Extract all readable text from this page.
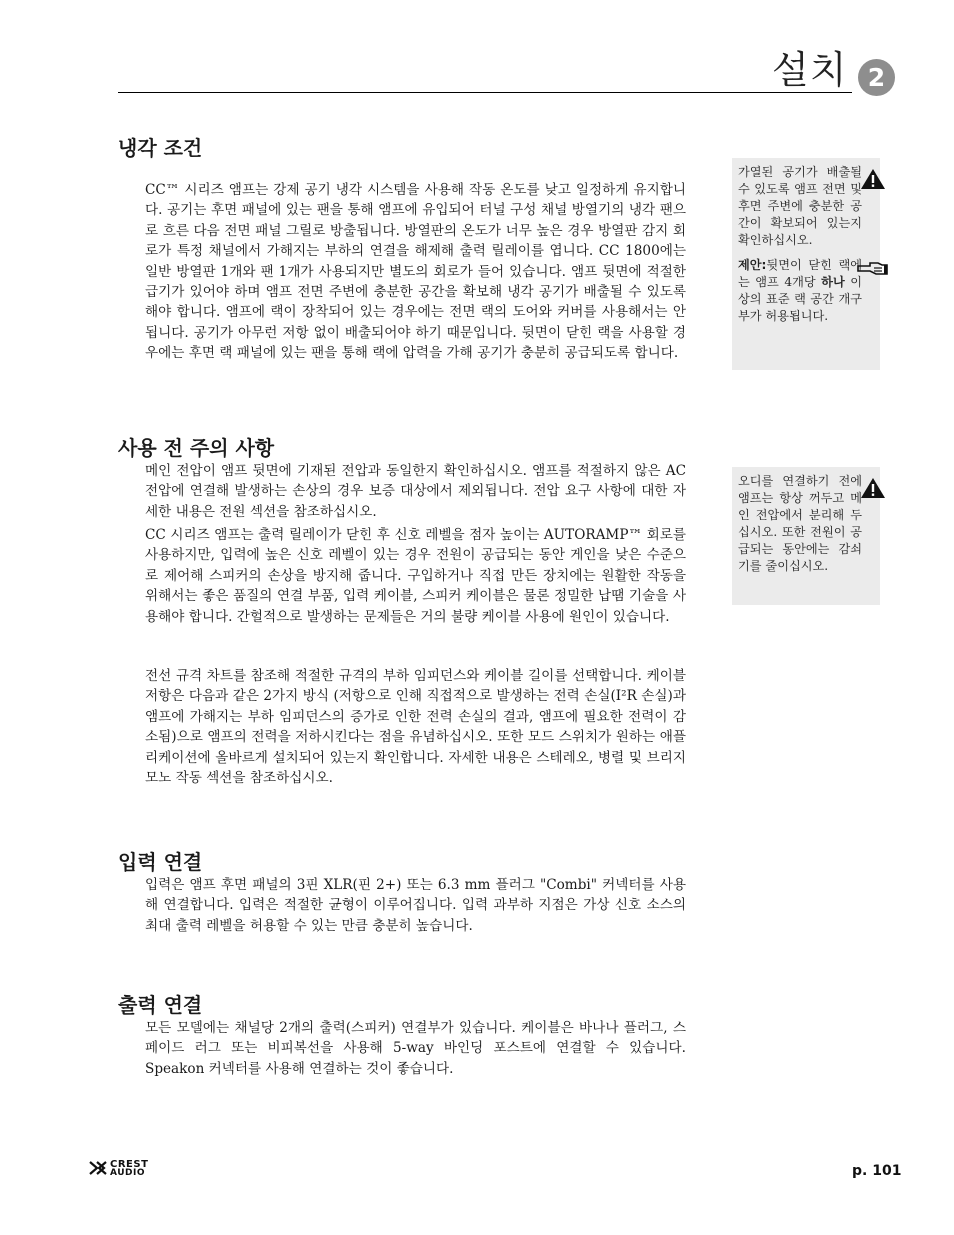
설치 2
냉각 조건

CC™ 시리즈 앰프는 강제 공기 냉각 시스템을 사용해 작동 온도를 낮고 일정하게 유지합니다. 공기는 후면 패널에 있는 팬을 통해 앰프에 유입되어 터널 구성 채널 방열기의 냉각 팬으로 흐른 다음 전면 패널 그릴로 방출됩니다. 방열판의 온도가 너무 높은 경우 방열판 감지 회로가 특정 채널에서 가해지는 부하의 연결을 해제해 출력 릴레이를 엽니다. CC 1800에는 일반 방열판 1개와 팬 1개가 사용되지만 별도의 회로가 들어 있습니다. 앰프 뒷면에 적절한 급기가 있어야 하며 앰프 전면 주변에 충분한 공간을 확보해 냉각 공기가 배출될 수 있도록 해야 합니다. 앰프에 랙이 장착되어 있는 경우에는 전면 랙의 도어와 커버를 사용해서는 안 됩니다. 공기가 아무런 저항 없이 배출되어야 하기 때문입니다. 뒷면이 닫힌 랙을 사용할 경우에는 후면 랙 패널에 있는 팬을 통해 랙에 압력을 가해 공기가 충분히 공급되도록 합니다.

사용 전 주의 사항

메인 전압이 앰프 뒷면에 기재된 전압과 동일한지 확인하십시오. 앰프를 적절하지 않은 AC 전압에 연결해 발생하는 손상의 경우 보증 대상에서 제외됩니다. 전압 요구 사항에 대한 자세한 내용은 전원 섹션을 참조하십시오.

CC 시리즈 앰프는 출력 릴레이가 닫힌 후 신호 레벨을 점자 높이는 AUTORAMP™ 회로를 사용하지만, 입력에 높은 신호 레벨이 있는 경우 전원이 공급되는 동안 게인을 낮은 수준으로 제어해 스피커의 손상을 방지해 줍니다. 구입하거나 직접 만든 장치에는 원활한 작동을 위해서는 좋은 품질의 연결 부품, 입력 케이블, 스피커 케이블은 물론 정밀한 납땜 기술을 사용해야 합니다. 간헐적으로 발생하는 문제들은 거의 불량 케이블 사용에 원인이 있습니다.

전선 규격 차트를 참조해 적절한 규격의 부하 임피던스와 케이블 길이를 선택합니다. 케이블 저항은 다음과 같은 2가지 방식 (저항으로 인해 직접적으로 발생하는 전력 손실(I²R 손실)과 앰프에 가해지는 부하 임피던스의 증가로 인한 전력 손실의 결과, 앰프에 필요한 전력이 감소됨)으로 앰프의 전력을 저하시킨다는 점을 유념하십시오. 또한 모드 스위치가 원하는 애플리케이션에 올바르게 설치되어 있는지 확인합니다. 자세한 내용은 스테레오, 병렬 및 브리지 모노 작동 섹션을 참조하십시오.

입력 연결

입력은 앰프 후면 패널의 3핀 XLR(핀 2+) 또는 6.3 mm 플러그 "Combi" 커넥터를 사용해 연결합니다. 입력은 적절한 균형이 이루어집니다. 입력 과부하 지점은 가상 신호 소스의 최대 출력 레벨을 허용할 수 있는 만큼 충분히 높습니다.

출력 연결

모든 모델에는 채널당 2개의 출력(스피커) 연결부가 있습니다. 케이블은 바나나 플러그, 스페이드 러그 또는 비피복선을 사용해 5-way 바인딩 포스트에 연결할 수 있습니다. Speakon 커넥터를 사용해 연결하는 것이 좋습니다.

가열된 공기가 배출될 수 있도록 앰프 전면 및 후면 주변에 충분한 공간이 확보되어 있는지 확인하십시오.
제안:뒷면이 닫힌 랙에는 앰프 4개당 하나 이상의 표준 랙 공간 개구부가 허용됩니다.
오디를 연결하기 전에 앰프는 항상 꺼두고 메인 전압에서 분리해 두십시오. 또한 전원이 공급되는 동안에는 감쇠기를 줄이십시오.
CREST
AUDIO	p. 101
